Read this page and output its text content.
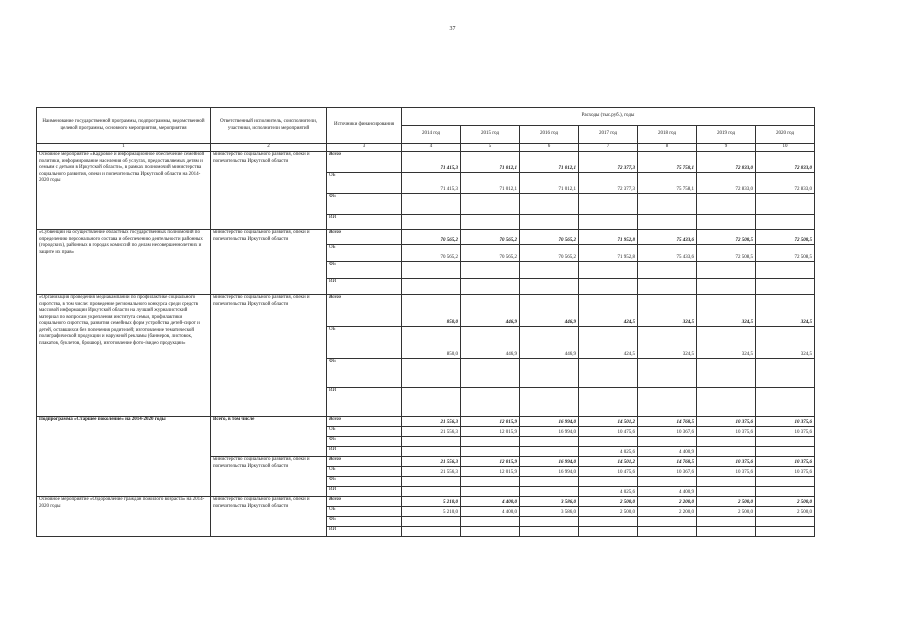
37
Наименование государственной программы, подпрограммы, ведомственной целевой программы, основного мероприятия, мероприятия	Ответственный исполнитель, соисполнители, участники, исполнители мероприятий	Источники финансирования	Расходы (тыс.руб.), годы						
			2014 год	2015 год	2016 год	2017 год	2018 год	2019 год	2020 год
1	2	3	4	5	6	7	8	9	10
Основное мероприятие «Кадровое и информационное обеспечение семейной политики, информирование населения об услугах, предоставляемых детям и семьям с детьми в Иркутской области», в рамках полномочий министерства социального развития, опеки и попечительства Иркутской области на 2014-2020 годы	министерство социального развития, опеки и попечительства Иркутской области	Всего	71 415,3	71 012,1	71 012,1	72 377,3	75 758,1	72 833,0	72 833,0
		ОБ	71 415,3	71 012,1	71 012,1	72 377,3	75 758,1	72 833,0	72 833,0
		ФБ							
		ИИ							
«Субвенции на осуществление областных государственных полномочий по определению персонального состава и обеспечению деятельности районных (городских), районных в городах комиссий по делам несовершеннолетних и защите их прав»	министерство социального развития, опеки и попечительства Иркутской области	Всего	70 565,2	70 565,2	70 565,2	71 952,8	75 433,6	72 508,5	72 508,5
		ОБ	70 565,2	70 565,2	70 565,2	71 952,8	75 433,6	72 508,5	72 508,5
		ФБ							
		ИИ							
«Организация проведения медиакампании по профилактике социального сиротства, в том числе: проведение регионального конкурса среди средств массовой информации Иркутской области на лучший журналистский материал по вопросам укрепления института семьи, профилактики социального сиротства, развития семейных форм устройства детей-сирот и детей, оставшихся без попечения родителей; изготовление тематической полиграфической продукции и наружной рекламы (баннеров, листовок, плакатов, буклетов, брошюр), изготовление фото-/видео продукции»	министерство социального развития, опеки и попечительства Иркутской области	Всего	850,0	446,9	446,9	424,5	324,5	324,5	324,5
		ОБ	850,0	446,9	446,9	424,5	324,5	324,5	324,5
		ФБ							
		ИИ							
Подпрограмма «Старшее поколение» на 2014-2020 годы	Всего, в том числе	Всего	21 556,3	12 015,9	16 994,0	14 501,2	14 768,5	10 375,6	10 375,6
		ОБ	21 556,3	12 015,9	16 994,0	10 475,6	10 367,6	10 375,6	10 375,6
		ФБ							
		ИИ				4 025,6	4 400,9		
	министерство социального развития, опеки и попечительства Иркутской области	Всего	21 556,3	12 015,9	16 994,0	14 501,2	14 768,5	10 375,6	10 375,6
		ОБ	21 556,3	12 015,9	16 994,0	10 475,6	10 367,6	10 375,6	10 375,6
		ФБ							
		ИИ				4 025,6	4 400,9		
Основное мероприятие «Оздоровление граждан пожилого возраста» на 2014-2020 годы	министерство социального развития, опеки и попечительства Иркутской области	Всего	5 210,0	4 400,0	3 586,0	2 500,0	2 200,0	2 500,0	2 500,0
		ОБ	5 210,0	4 400,0	3 586,0	2 500,0	2 200,0	2 500,0	2 500,0
		ФБ							
		ИИ							
